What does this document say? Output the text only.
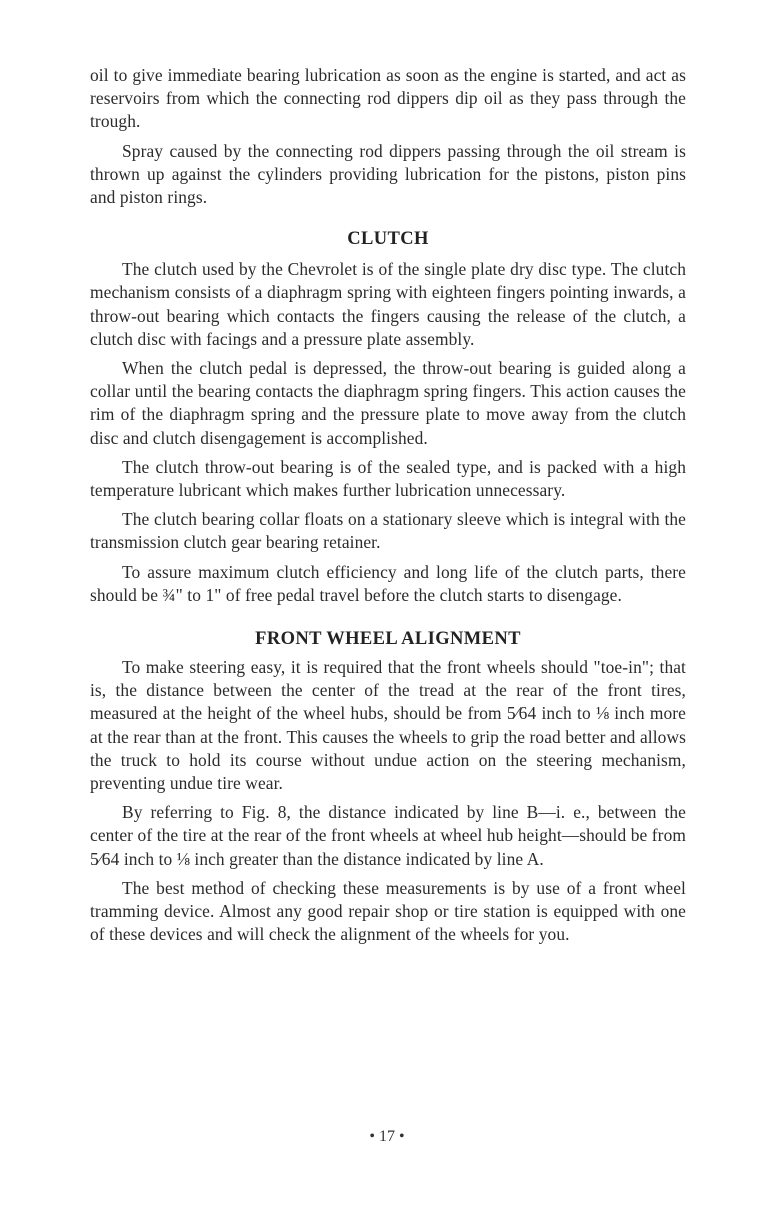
oil to give immediate bearing lubrication as soon as the engine is started, and act as reservoirs from which the connecting rod dippers dip oil as they pass through the trough.

Spray caused by the connecting rod dippers passing through the oil stream is thrown up against the cylinders providing lubrication for the pistons, piston pins and piston rings.

CLUTCH

The clutch used by the Chevrolet is of the single plate dry disc type. The clutch mechanism consists of a diaphragm spring with eighteen fingers pointing inwards, a throw-out bearing which contacts the fingers causing the release of the clutch, a clutch disc with facings and a pressure plate assembly.

When the clutch pedal is depressed, the throw-out bearing is guided along a collar until the bearing contacts the diaphragm spring fingers. This action causes the rim of the diaphragm spring and the pressure plate to move away from the clutch disc and clutch disengagement is accomplished.

The clutch throw-out bearing is of the sealed type, and is packed with a high temperature lubricant which makes further lubrication unnecessary.

The clutch bearing collar floats on a stationary sleeve which is integral with the transmission clutch gear bearing retainer.

To assure maximum clutch efficiency and long life of the clutch parts, there should be ¾" to 1" of free pedal travel before the clutch starts to disengage.

FRONT WHEEL ALIGNMENT

To make steering easy, it is required that the front wheels should "toe-in"; that is, the distance between the center of the tread at the rear of the front tires, measured at the height of the wheel hubs, should be from 5⁄64 inch to ⅛ inch more at the rear than at the front. This causes the wheels to grip the road better and allows the truck to hold its course without undue action on the steering mechanism, preventing undue tire wear.

By referring to Fig. 8, the distance indicated by line B—i. e., between the center of the tire at the rear of the front wheels at wheel hub height—should be from 5⁄64 inch to ⅛ inch greater than the distance indicated by line A.

The best method of checking these measurements is by use of a front wheel tramming device. Almost any good repair shop or tire station is equipped with one of these devices and will check the alignment of the wheels for you.

• 17 •
